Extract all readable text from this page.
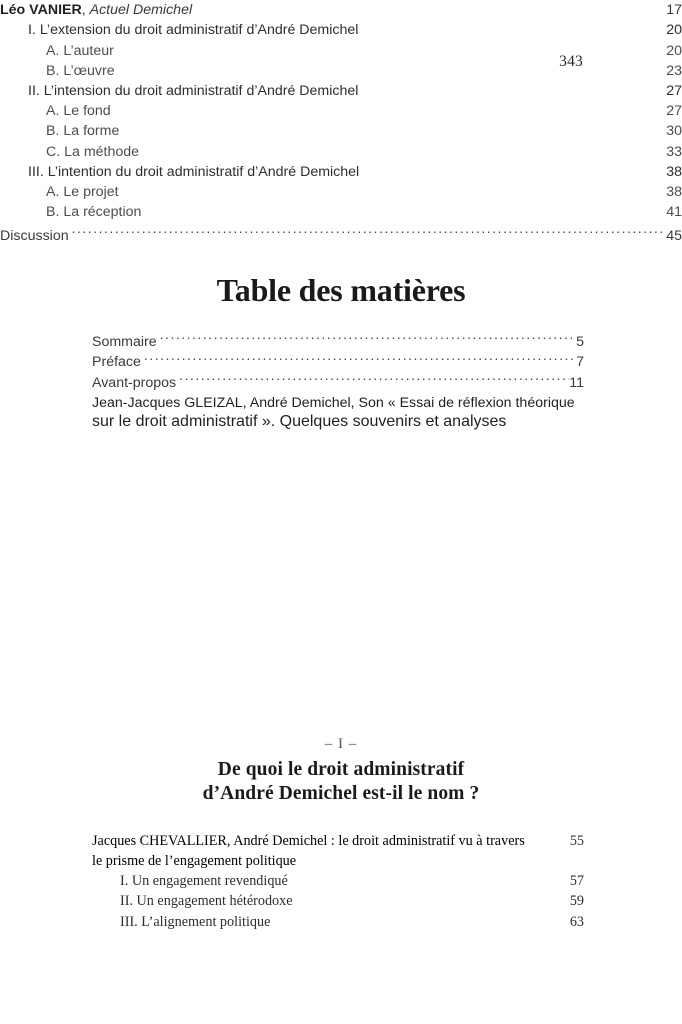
343
Table des matières
Sommaire .....	5
Préface .....	7
Avant-propos .....	11
Jean-Jacques GLEIZAL, André Demichel, Son « Essai de réflexion théorique
sur le droit administratif ». Quelques souvenirs et analyses
Léo VANIER, Actuel Demichel	17
I. L’extension du droit administratif d’André Demichel	20
A. L’auteur	20
B. L’œuvre	23
II. L’intension du droit administratif d’André Demichel	27
A. Le fond	27
B. La forme	30
C. La méthode	33
III. L’intention du droit administratif d’André Demichel	38
A. Le projet	38
B. La réception	41
Discussion .....	45
– I –
De quoi le droit administratif
d’André Demichel est-il le nom ?
Jacques CHEVALLIER, André Demichel : le droit administratif vu à travers	55
le prisme de l’engagement politique
I. Un engagement revendiqué	57
II. Un engagement hétérodoxe	59
III. L’alignement politique	63
